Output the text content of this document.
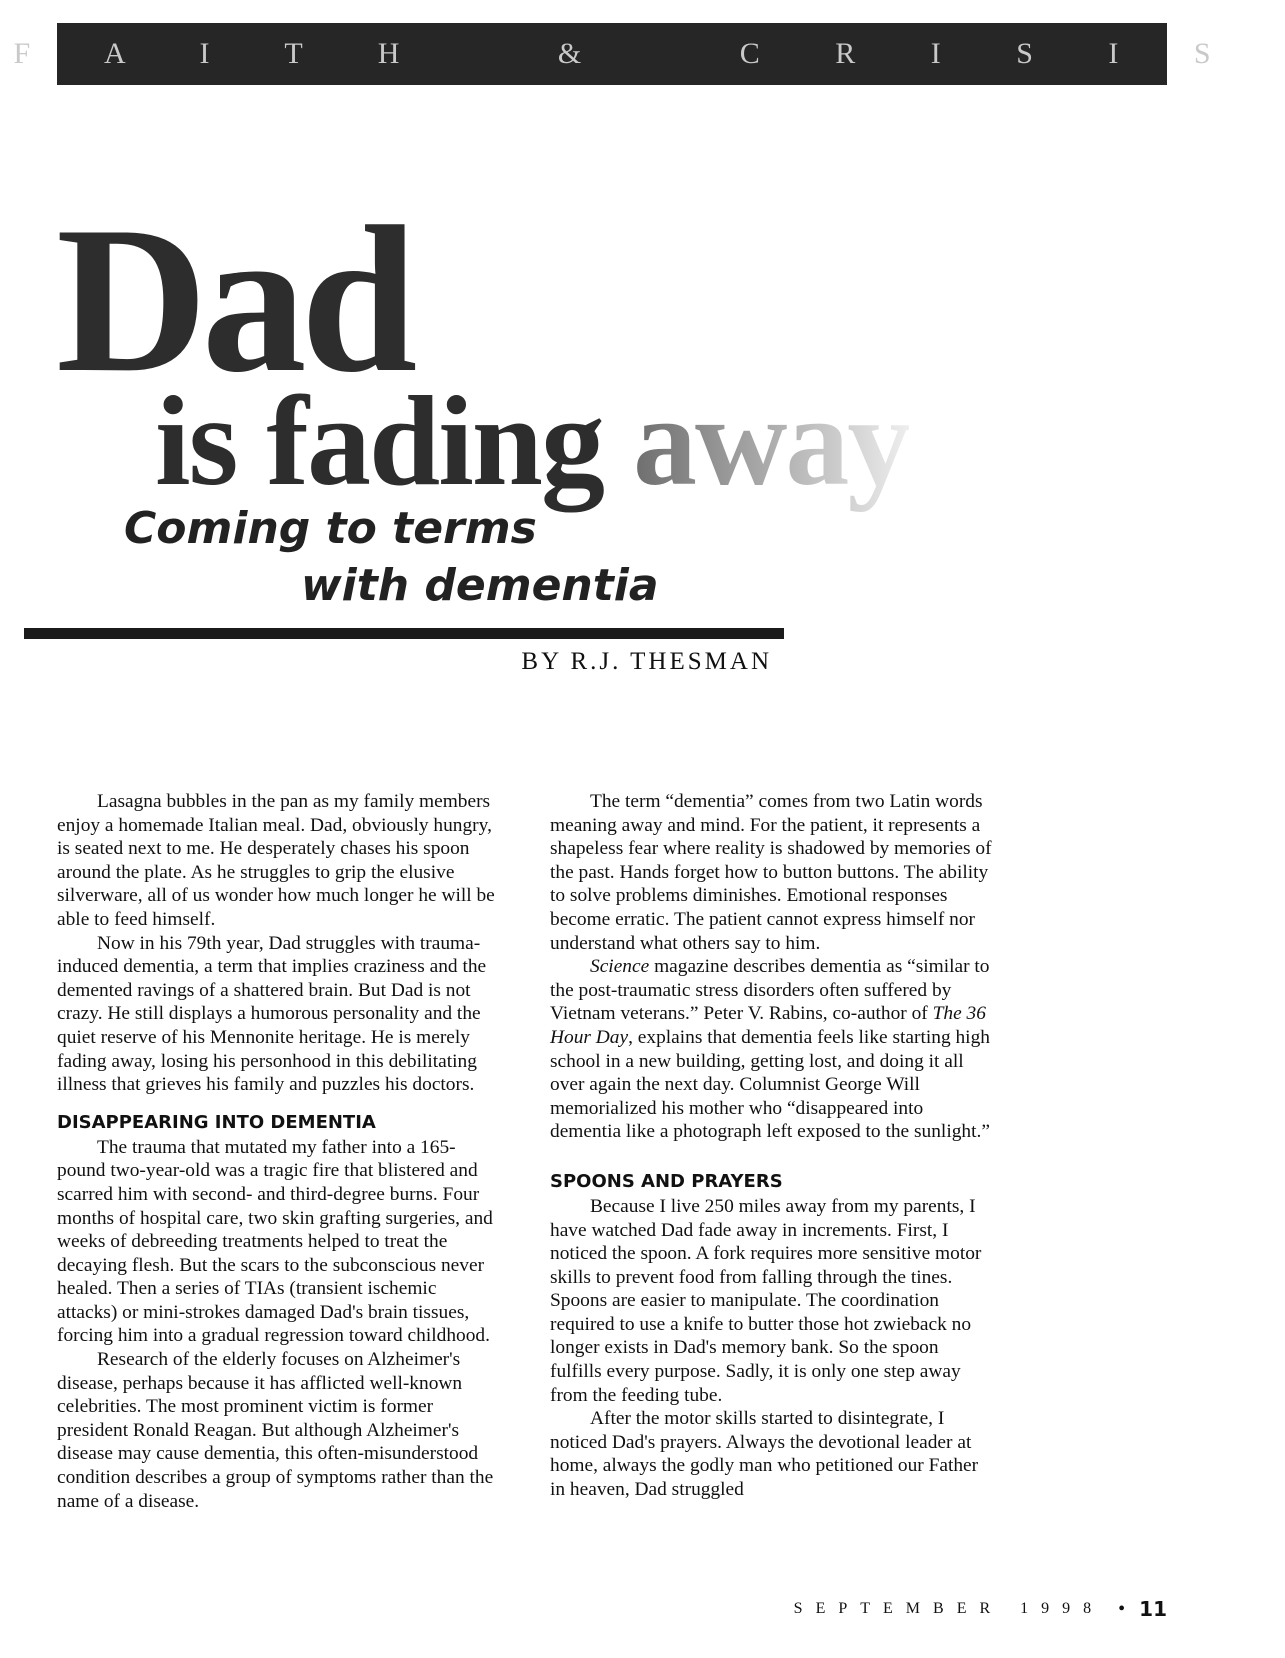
F A I T H   &   C R I S I S
Dad
is fading away
Coming to terms
with dementia

BY R.J. THESMAN

Lasagna bubbles in the pan as my family members enjoy a homemade Italian meal. Dad, obviously hungry, is seated next to me. He desperately chases his spoon around the plate. As he struggles to grip the elusive silverware, all of us wonder how much longer he will be able to feed himself.

Now in his 79th year, Dad struggles with trauma-induced dementia, a term that implies craziness and the demented ravings of a shattered brain. But Dad is not crazy. He still displays a humorous personality and the quiet reserve of his Mennonite heritage. He is merely fading away, losing his personhood in this debilitating illness that grieves his family and puzzles his doctors.

DISAPPEARING INTO DEMENTIA

The trauma that mutated my father into a 165-pound two-year-old was a tragic fire that blistered and scarred him with second- and third-degree burns. Four months of hospital care, two skin grafting surgeries, and weeks of debreeding treatments helped to treat the decaying flesh. But the scars to the subconscious never healed. Then a series of TIAs (transient ischemic attacks) or mini-strokes damaged Dad's brain tissues, forcing him into a gradual regression toward childhood.

Research of the elderly focuses on Alzheimer's disease, perhaps because it has afflicted well-known celebrities. The most prominent victim is former president Ronald Reagan. But although Alzheimer's disease may cause dementia, this often-misunderstood condition describes a group of symptoms rather than the name of a disease.

The term “dementia” comes from two Latin words meaning away and mind. For the patient, it represents a shapeless fear where reality is shadowed by memories of the past. Hands forget how to button buttons. The ability to solve problems diminishes. Emotional responses become erratic. The patient cannot express himself nor understand what others say to him.

Science magazine describes dementia as “similar to the post-traumatic stress disorders often suffered by Vietnam veterans.” Peter V. Rabins, co-author of The 36 Hour Day, explains that dementia feels like starting high school in a new building, getting lost, and doing it all over again the next day. Columnist George Will memorialized his mother who “disappeared into dementia like a photograph left exposed to the sunlight.”

SPOONS AND PRAYERS

Because I live 250 miles away from my parents, I have watched Dad fade away in increments. First, I noticed the spoon. A fork requires more sensitive motor skills to prevent food from falling through the tines. Spoons are easier to manipulate. The coordination required to use a knife to butter those hot zwieback no longer exists in Dad's memory bank. So the spoon fulfills every purpose. Sadly, it is only one step away from the feeding tube.

After the motor skills started to disintegrate, I noticed Dad's prayers. Always the devotional leader at home, always the godly man who petitioned our Father in heaven, Dad struggled

SEPTEMBER 1998 • 11
